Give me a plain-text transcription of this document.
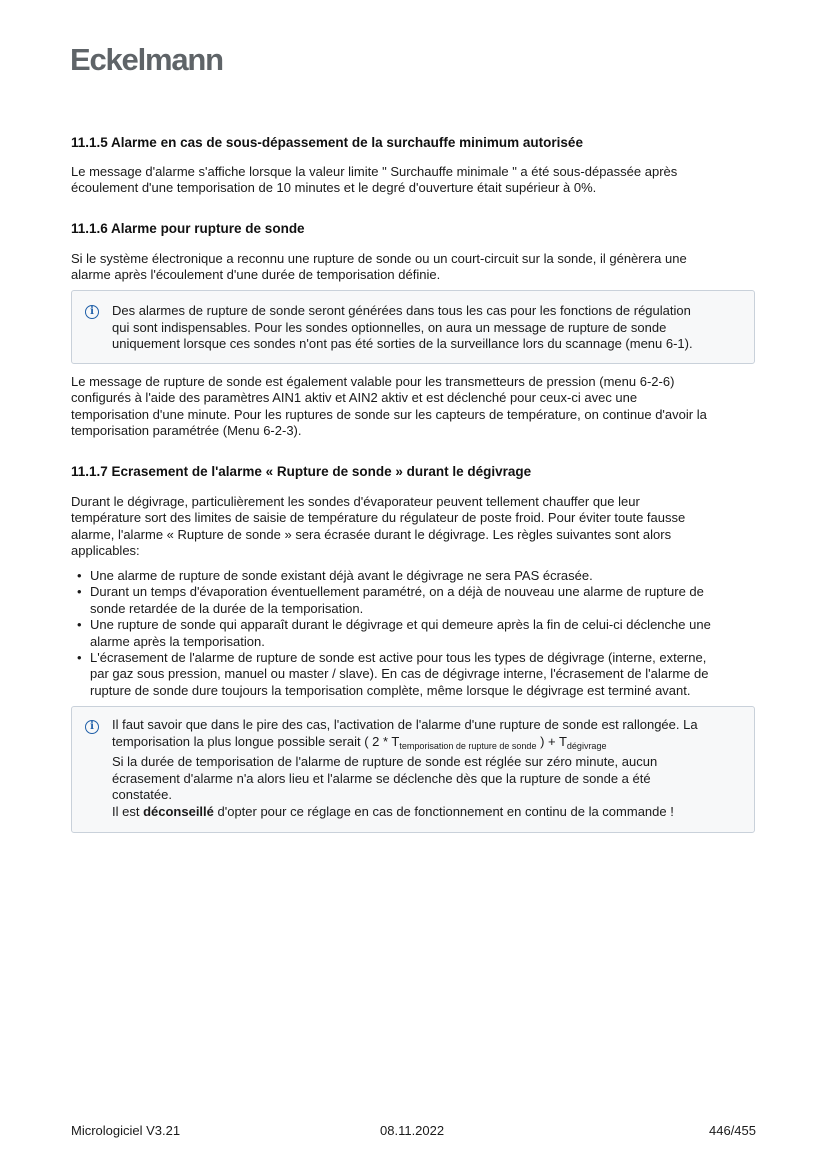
Eckelmann
11.1.5 Alarme en cas de sous-dépassement de la surchauffe minimum autorisée
Le message d'alarme s'affiche lorsque la valeur limite " Surchauffe minimale " a été sous-dépassée après
écoulement d'une temporisation de 10 minutes et le degré d'ouverture était supérieur à 0%.
11.1.6 Alarme pour rupture de sonde
Si le système électronique a reconnu une rupture de sonde ou un court-circuit sur la sonde, il génèrera une
alarme après l'écoulement d'une durée de temporisation définie.
i	Des alarmes de rupture de sonde seront générées dans tous les cas pour les fonctions de régulation
qui sont indispensables. Pour les sondes optionnelles, on aura un message de rupture de sonde
uniquement lorsque ces sondes n'ont pas été sorties de la surveillance lors du scannage (menu 6-1).
Le message de rupture de sonde est également valable pour les transmetteurs de pression (menu 6-2-6)
configurés à l'aide des paramètres AIN1 aktiv et AIN2 aktiv et est déclenché pour ceux-ci avec une
temporisation d'une minute. Pour les ruptures de sonde sur les capteurs de température, on continue d'avoir la
temporisation paramétrée (Menu 6-2-3).
11.1.7 Ecrasement de l'alarme « Rupture de sonde » durant le dégivrage
Durant le dégivrage, particulièrement les sondes d'évaporateur peuvent tellement chauffer que leur
température sort des limites de saisie de température du régulateur de poste froid. Pour éviter toute fausse
alarme, l'alarme « Rupture de sonde » sera écrasée durant le dégivrage. Les règles suivantes sont alors
applicables:
• Une alarme de rupture de sonde existant déjà avant le dégivrage ne sera PAS écrasée.
• Durant un temps d'évaporation éventuellement paramétré, on a déjà de nouveau une alarme de rupture de
sonde retardée de la durée de la temporisation.
• Une rupture de sonde qui apparaît durant le dégivrage et qui demeure après la fin de celui-ci déclenche une
alarme après la temporisation.
• L'écrasement de l'alarme de rupture de sonde est active pour tous les types de dégivrage (interne, externe,
par gaz sous pression, manuel ou master / slave). En cas de dégivrage interne, l'écrasement de l'alarme de
rupture de sonde dure toujours la temporisation complète, même lorsque le dégivrage est terminé avant.
i	Il faut savoir que dans le pire des cas, l'activation de l'alarme d'une rupture de sonde est rallongée. La
temporisation la plus longue possible serait ( $2 * T_{temporisation de rupture de sonde}$ ) + $T_{dégivrage}$
Si la durée de temporisation de l'alarme de rupture de sonde est réglée sur zéro minute, aucun
écrasement d'alarme n'a alors lieu et l'alarme se déclenche dès que la rupture de sonde a été
constatée.
Il est déconseillé d'opter pour ce réglage en cas de fonctionnement en continu de la commande !
Micrologiciel V3.21	08.11.2022	446/455
